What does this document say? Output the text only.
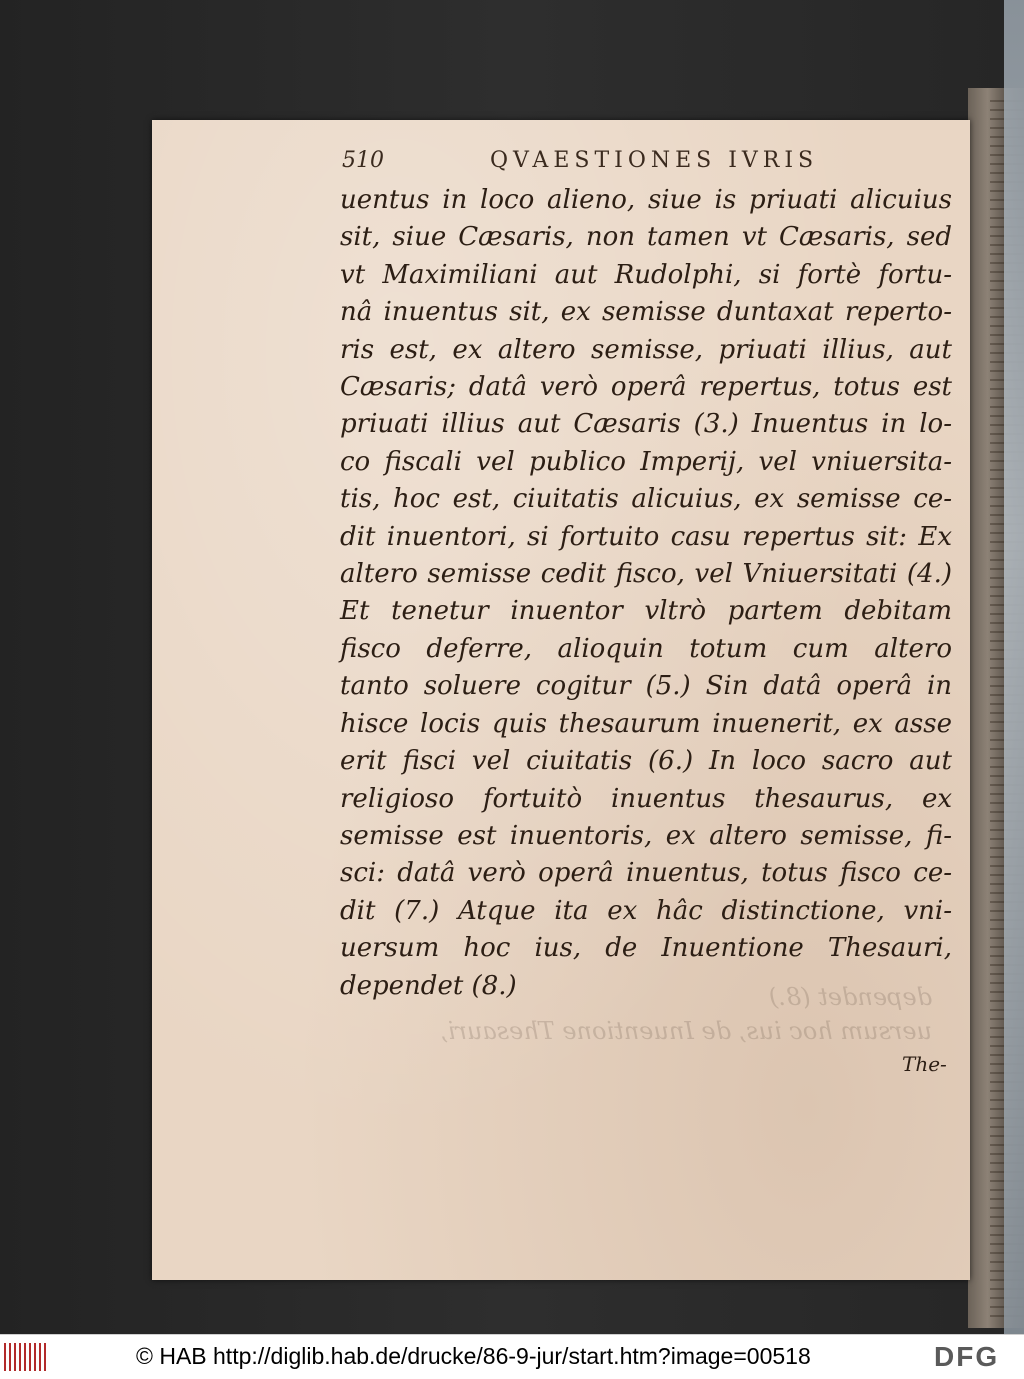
510	QVAESTIONES IVRIS
uentus in loco alieno, siue is priuati alicuius
sit, siue Cæsaris, non tamen vt Cæsaris, sed
vt Maximiliani aut Rudolphi, si fortè fortu-
nâ inuentus sit, ex semisse duntaxat reperto-
ris est, ex altero semisse, priuati illius, aut
Cæsaris; datâ verò operâ repertus, totus est
priuati illius aut Cæsaris (3.) Inuentus in lo-
co fiscali vel publico Imperij, vel vniuersita-
tis, hoc est, ciuitatis alicuius, ex semisse ce-
dit inuentori, si fortuito casu repertus sit: Ex
altero semisse cedit fisco, vel Vniuersitati (4.)
Et tenetur inuentor vltrò partem debitam
fisco deferre, alioquin totum cum altero
tanto soluere cogitur (5.) Sin datâ operâ in
hisce locis quis thesaurum inuenerit, ex asse
erit fisci vel ciuitatis (6.) In loco sacro aut
religioso fortuitò inuentus thesaurus, ex
semisse est inuentoris, ex altero semisse, fi-
sci: datâ verò operâ inuentus, totus fisco ce-
dit (7.) Atque ita ex hâc distinctione, vni-
uersum hoc ius, de Inuentione Thesauri,
dependet (8.)	dependet (8.)
uersum hoc ius, de Inuentione Thesauri,
The-
© HAB http://diglib.hab.de/drucke/86-9-jur/start.htm?image=00518	DFG
